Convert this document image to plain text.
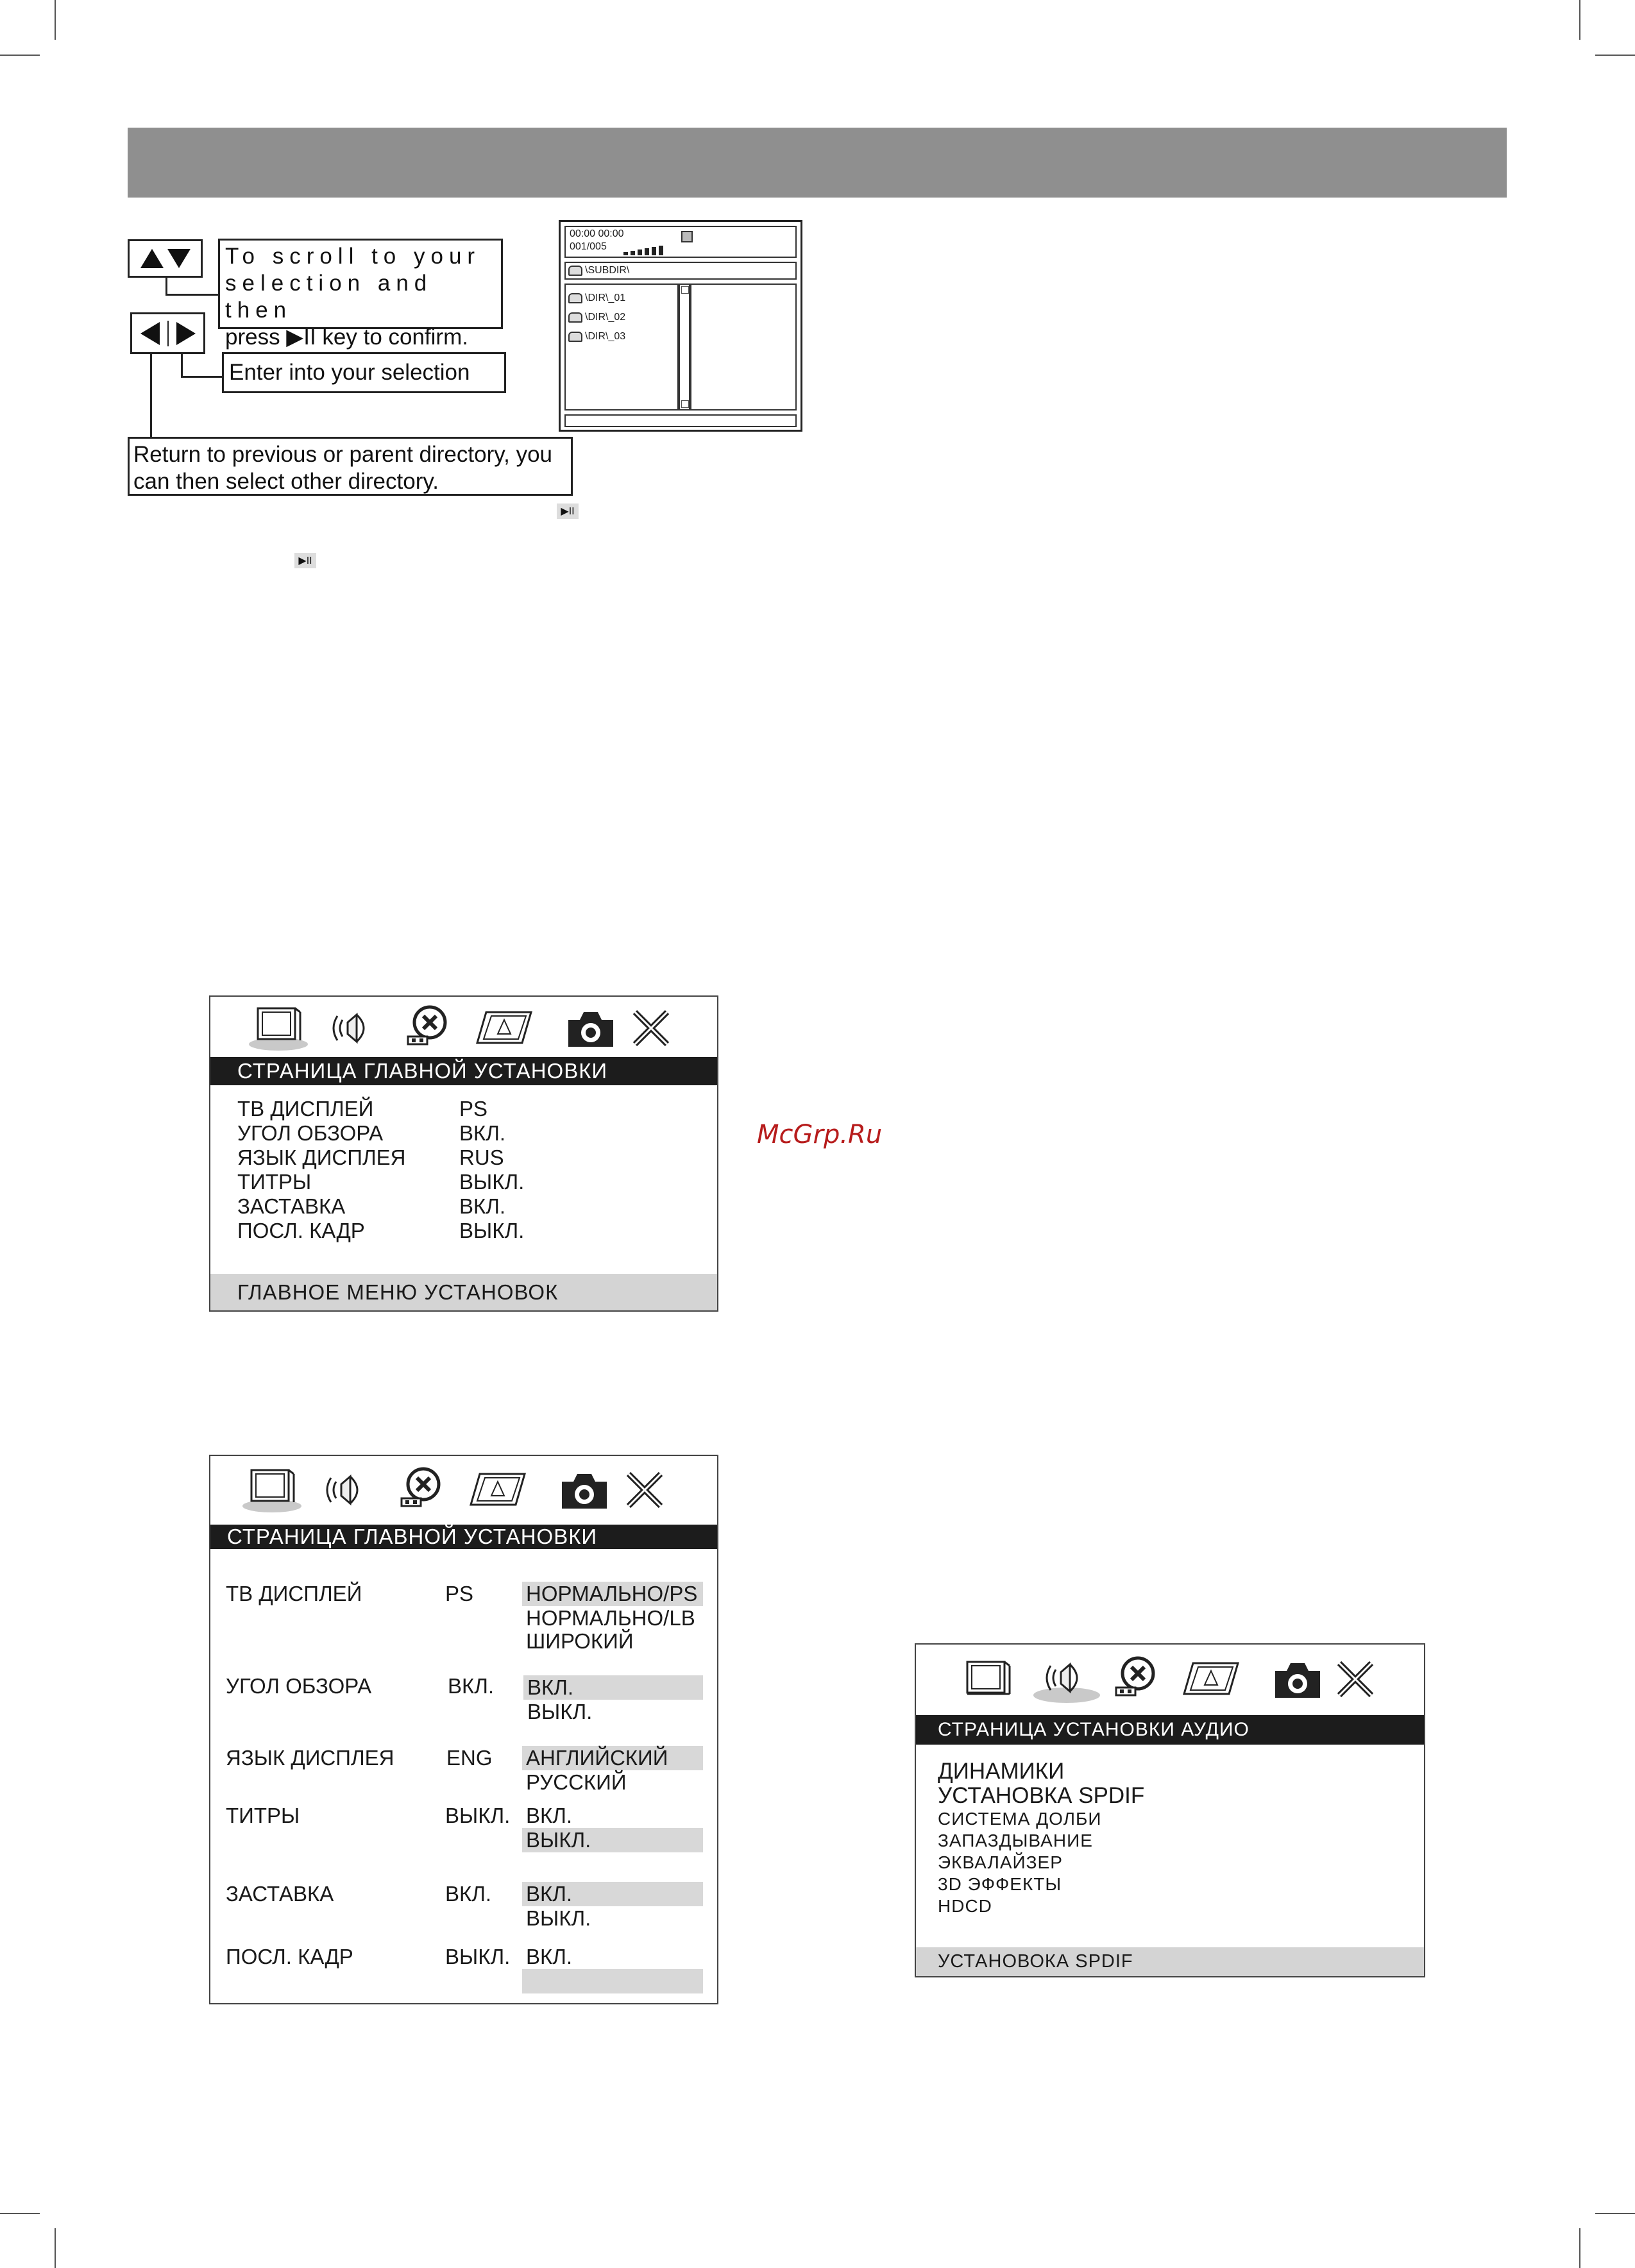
To scroll to your
selection and then
press ▶II key to confirm.
Enter into your selection
Return to previous or parent directory, you
can then select other directory.
00:00 00:00
001/005
\SUBDIR\
\DIR\_01
\DIR\_02
\DIR\_03
▶II
▶II
McGrp.Ru
СТРАНИЦА ГЛАВНОЙ УСТАНОВКИ
ТВ ДИСПЛЕЙ	PS
УГОЛ ОБЗОРА	ВКЛ.
ЯЗЫК ДИСПЛЕЯ	RUS
ТИТРЫ	ВЫКЛ.
ЗАСТАВКА	ВКЛ.
ПОСЛ. КАДР	ВЫКЛ.
ГЛАВНОЕ МЕНЮ УСТАНОВОК
СТРАНИЦА ГЛАВНОЙ УСТАНОВКИ
ТВ ДИСПЛЕЙ	PS НОРМАЛЬНО/PS
НОРМАЛЬНО/LB
ШИРОКИЙ
УГОЛ ОБЗОРА	ВКЛ. ВКЛ.
ВЫКЛ.
ЯЗЫК ДИСПЛЕЯ ENG АНГЛИЙСКИЙ
РУССКИЙ
ТИТРЫ	ВЫКЛ. ВКЛ.
ВЫКЛ.
ЗАСТАВКА	ВКЛ. ВКЛ.
ВЫКЛ.
ПОСЛ. КАДР	ВЫКЛ. ВКЛ.
СТРАНИЦА УСТАНОВКИ АУДИО
ДИНАМИКИ
УСТАНОВКА SPDIF
СИСТЕМА ДОЛБИ
ЗАПАЗДЫВАНИЕ
ЭКВАЛАЙЗЕР
3D ЭФФЕКТЫ
HDCD
УСТАНОВОКА SPDIF
